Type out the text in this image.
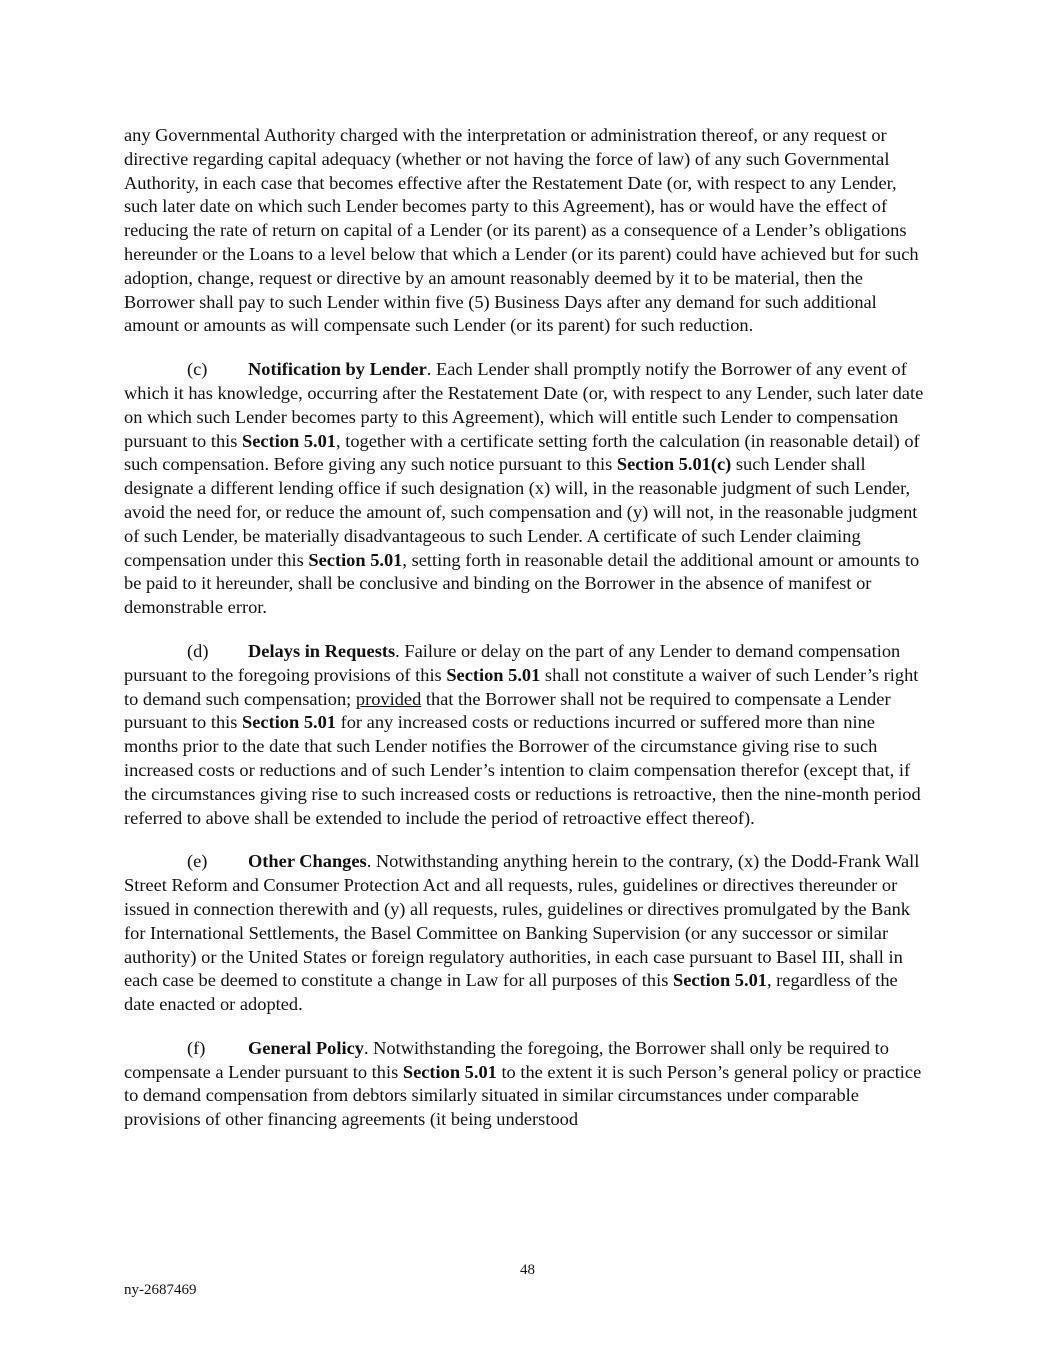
any Governmental Authority charged with the interpretation or administration thereof, or any request or directive regarding capital adequacy (whether or not having the force of law) of any such Governmental Authority, in each case that becomes effective after the Restatement Date (or, with respect to any Lender, such later date on which such Lender becomes party to this Agreement), has or would have the effect of reducing the rate of return on capital of a Lender (or its parent) as a consequence of a Lender’s obligations hereunder or the Loans to a level below that which a Lender (or its parent) could have achieved but for such adoption, change, request or directive by an amount reasonably deemed by it to be material, then the Borrower shall pay to such Lender within five (5) Business Days after any demand for such additional amount or amounts as will compensate such Lender (or its parent) for such reduction.

(c) Notification by Lender. Each Lender shall promptly notify the Borrower of any event of which it has knowledge, occurring after the Restatement Date (or, with respect to any Lender, such later date on which such Lender becomes party to this Agreement), which will entitle such Lender to compensation pursuant to this Section 5.01, together with a certificate setting forth the calculation (in reasonable detail) of such compensation. Before giving any such notice pursuant to this Section 5.01(c) such Lender shall designate a different lending office if such designation (x) will, in the reasonable judgment of such Lender, avoid the need for, or reduce the amount of, such compensation and (y) will not, in the reasonable judgment of such Lender, be materially disadvantageous to such Lender. A certificate of such Lender claiming compensation under this Section 5.01, setting forth in reasonable detail the additional amount or amounts to be paid to it hereunder, shall be conclusive and binding on the Borrower in the absence of manifest or demonstrable error.

(d) Delays in Requests. Failure or delay on the part of any Lender to demand compensation pursuant to the foregoing provisions of this Section 5.01 shall not constitute a waiver of such Lender’s right to demand such compensation; provided that the Borrower shall not be required to compensate a Lender pursuant to this Section 5.01 for any increased costs or reductions incurred or suffered more than nine months prior to the date that such Lender notifies the Borrower of the circumstance giving rise to such increased costs or reductions and of such Lender’s intention to claim compensation therefor (except that, if the circumstances giving rise to such increased costs or reductions is retroactive, then the nine-month period referred to above shall be extended to include the period of retroactive effect thereof).

(e) Other Changes. Notwithstanding anything herein to the contrary, (x) the Dodd-Frank Wall Street Reform and Consumer Protection Act and all requests, rules, guidelines or directives thereunder or issued in connection therewith and (y) all requests, rules, guidelines or directives promulgated by the Bank for International Settlements, the Basel Committee on Banking Supervision (or any successor or similar authority) or the United States or foreign regulatory authorities, in each case pursuant to Basel III, shall in each case be deemed to constitute a change in Law for all purposes of this Section 5.01, regardless of the date enacted or adopted.

(f) General Policy. Notwithstanding the foregoing, the Borrower shall only be required to compensate a Lender pursuant to this Section 5.01 to the extent it is such Person’s general policy or practice to demand compensation from debtors similarly situated in similar circumstances under comparable provisions of other financing agreements (it being understood

48
ny-2687469
